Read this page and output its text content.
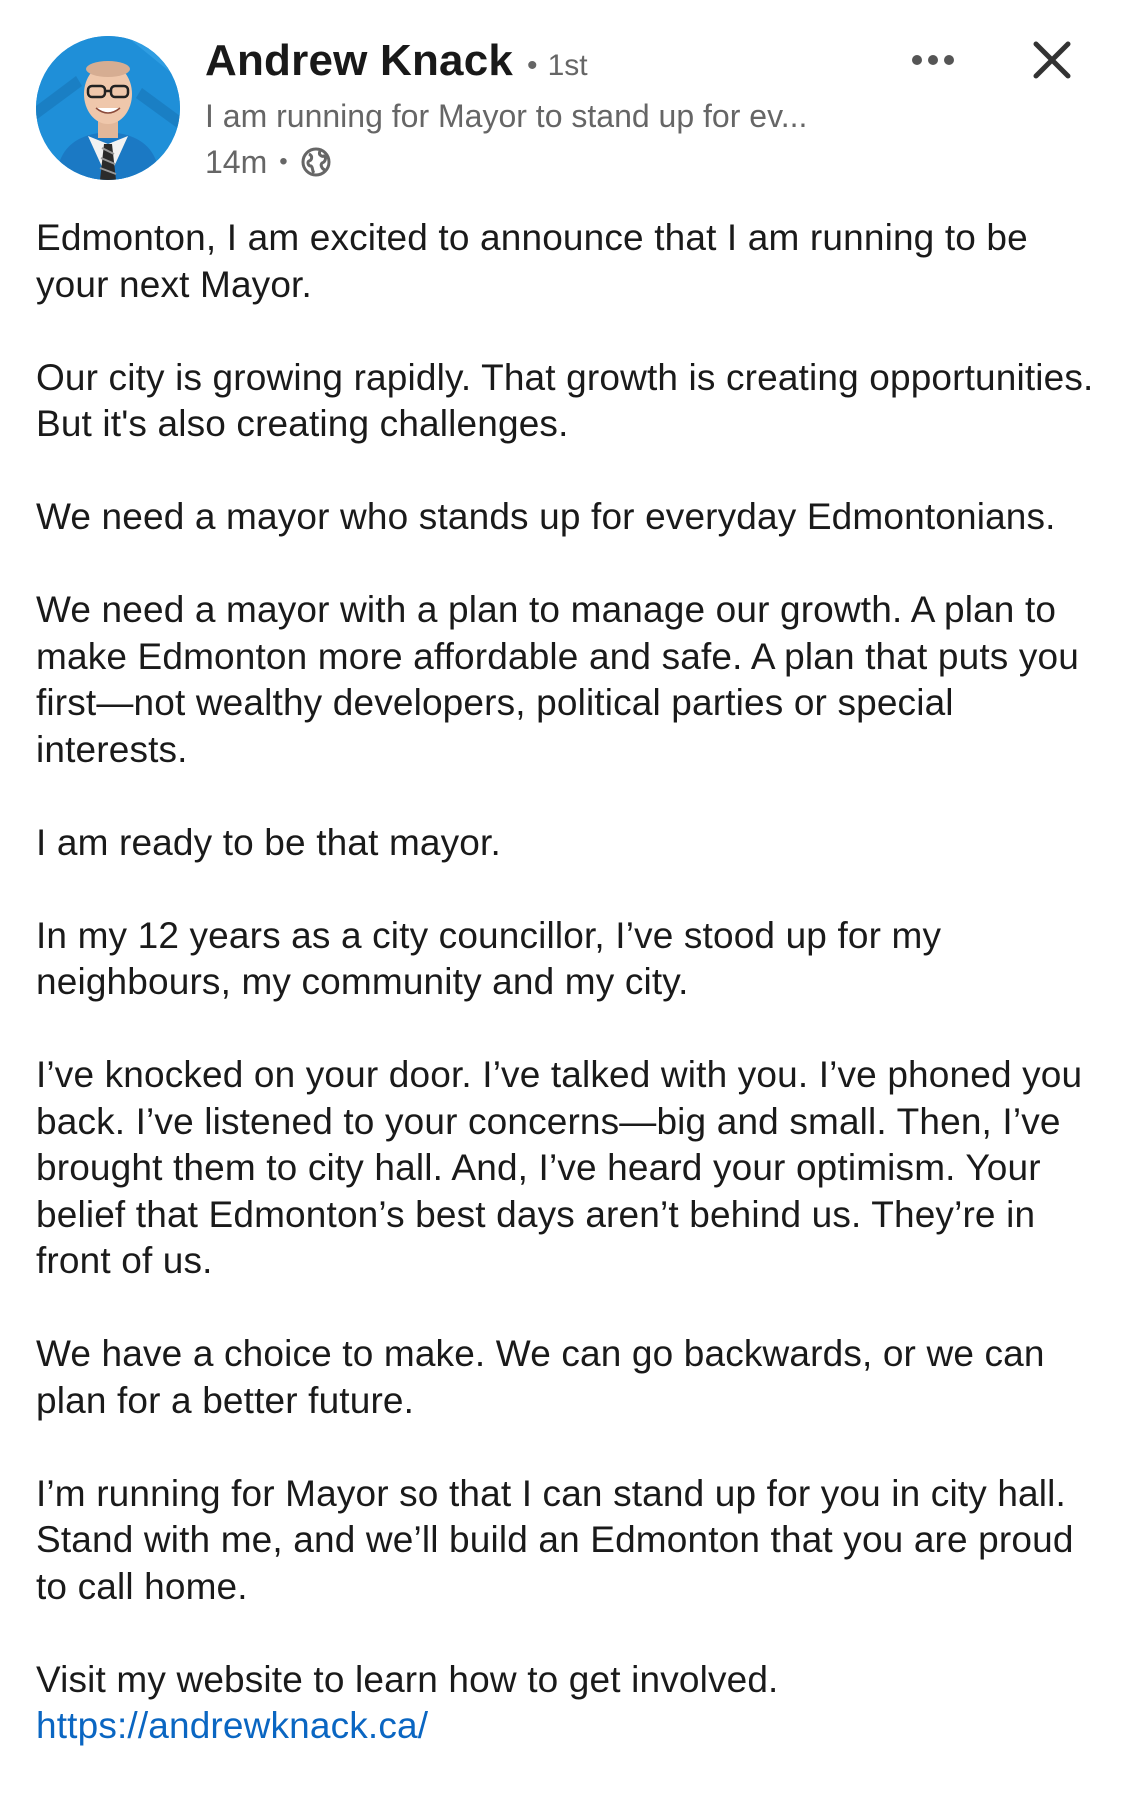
Andrew Knack • 1st
I am running for Mayor to stand up for ev...
14m •

Edmonton, I am excited to announce that I am running to be your next Mayor.

Our city is growing rapidly. That growth is creating opportunities. But it's also creating challenges.

We need a mayor who stands up for everyday Edmontonians.

We need a mayor with a plan to manage our growth. A plan to make Edmonton more affordable and safe. A plan that puts you first—not wealthy developers, political parties or special interests.

I am ready to be that mayor.

In my 12 years as a city councillor, I’ve stood up for my neighbours, my community and my city.

I’ve knocked on your door. I’ve talked with you. I’ve phoned you back. I’ve listened to your concerns—big and small. Then, I’ve brought them to city hall. And, I’ve heard your optimism. Your belief that Edmonton’s best days aren’t behind us. They’re in front of us.

We have a choice to make. We can go backwards, or we can plan for a better future.

I’m running for Mayor so that I can stand up for you in city hall. Stand with me, and we’ll build an Edmonton that you are proud to call home.

Visit my website to learn how to get involved.

https://andrewknack.ca/
